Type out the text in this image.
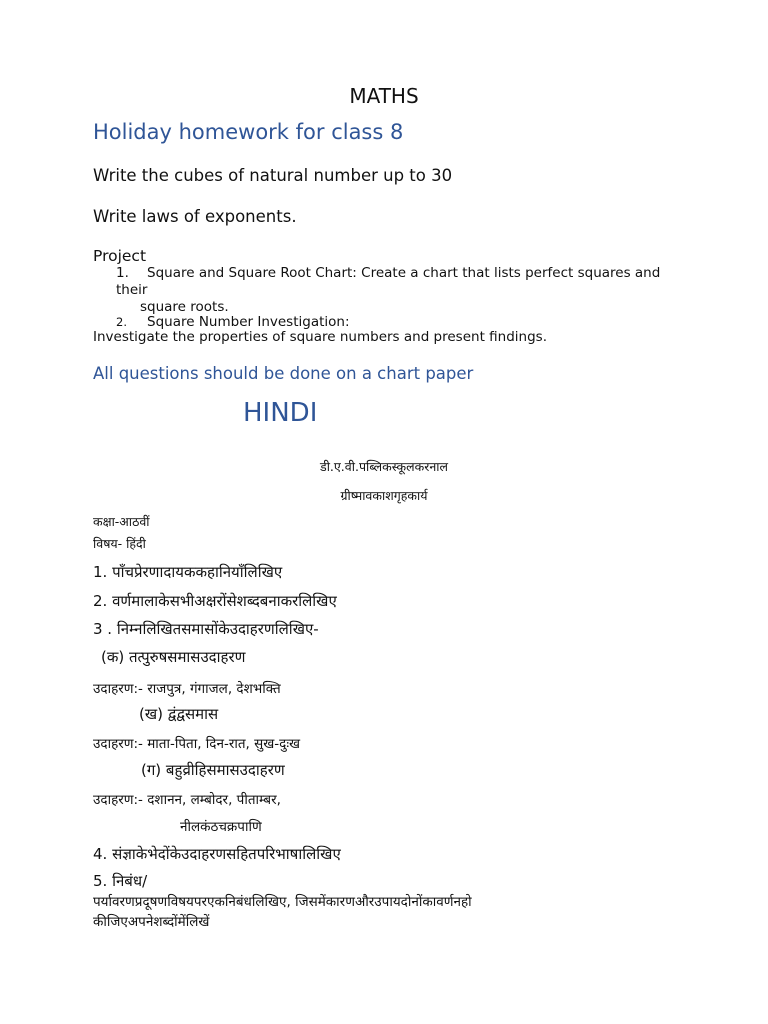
MATHS
Holiday homework for class 8
Write the cubes of natural number up to 30
Write laws of exponents.
Project
1. Square and Square Root Chart: Create a chart that lists perfect squares and
their
square roots.
2. Square Number Investigation:
Investigate the properties of square numbers and present findings.
All questions should be done on a chart paper
HINDI
डी.ए.वी.पब्लिकस्कूलकरनाल
ग्रीष्मावकाशगृहकार्य
कक्षा-आठवीं
विषय- हिंदी
1. पाँचप्रेरणादायककहानियाँलिखिए
2. वर्णमालाकेसभीअक्षरोंसेशब्दबनाकरलिखिए
3 . निम्नलिखितसमासोंकेउदाहरणलिखिए-
(क) तत्पुरुषसमासउदाहरण
उदाहरण:- राजपुत्र, गंगाजल, देशभक्ति
(ख) द्वंद्वसमास
उदाहरण:- माता-पिता, दिन-रात, सुख-दुःख
(ग) बहुव्रीहिसमासउदाहरण
उदाहरण:- दशानन, लम्बोदर, पीताम्बर,
नीलकंठचक्रपाणि
4. संज्ञाकेभेदोंकेउदाहरणसहितपरिभाषालिखिए
5. निबंध/
पर्यावरणप्रदूषणविषयपरएकनिबंधलिखिए, जिसमेंकारणऔरउपायदोनोंकावर्णनहो
कीजिएअपनेशब्दोंमेंलिखें
